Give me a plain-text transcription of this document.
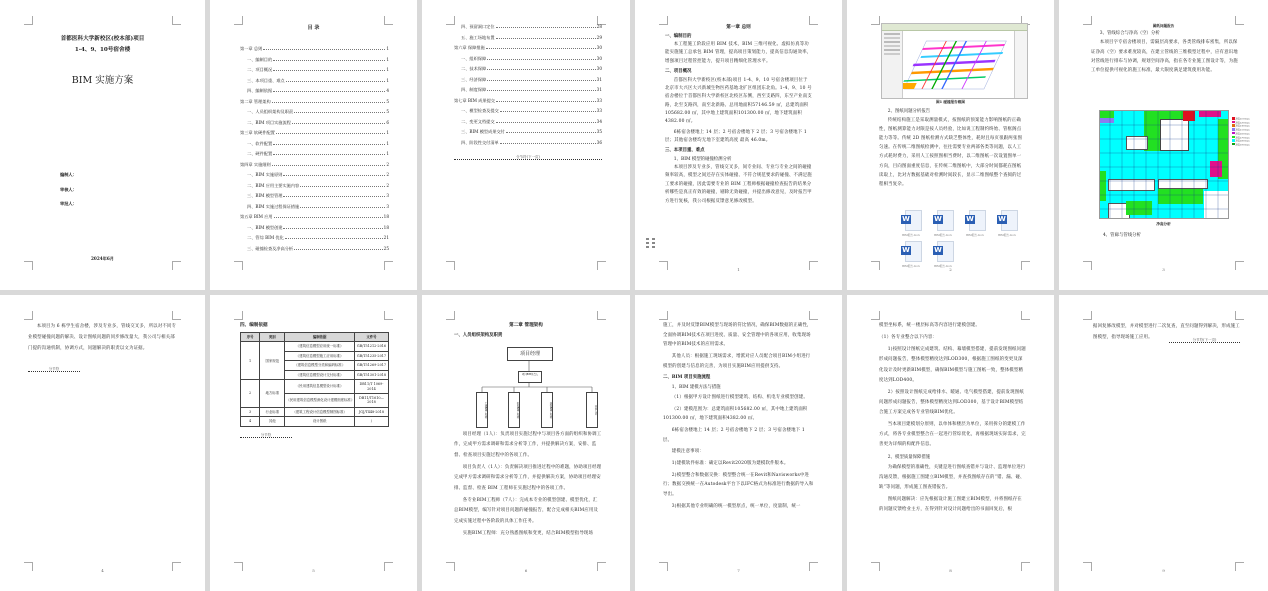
首都医科大学新校区(校本部)项目
1-4、9、10号宿舍楼
BIM 实施方案
编制人：
审核人：
审批人：
2024年6月
目 录
第一章 总则	1
一、编制目的	1
二、项目概况	1
三、本项目重、难点	1
四、编制依据	4
第二章 管理架构	5
一、人员组织架构及职责	5
二、BIM 项目实施流程	6
第三章 软硬件配置	1
一、软件配置	1
二、硬件配置	1
第四章 实施细则	2
一、BIM 实施原则	2
二、BIM 应用主要实施内容	2
三、BIM 模型管理	3
四、BIM 实施过程保证措施	3
第五章 BIM 应用	18
一、BIM 模型创建	18
二、管综 BIM 优化	21
三、碰撞检查及净高分析	25
四、预留洞口定位	28
五、施工场地布置	29
第六章 保障措施	30
一、组织保障	30
二、技术保障	30
三、经济保障	31
四、制度保障	31
第七章 BIM 成果提交	33
一、模型检查及提交	33
二、变更文档提交	34
三、BIM 模型成果交付	35
四、阶段性交付清单	36
分节符(下一页)
第一章 总则
一、编制目的

本工程施工阶段应用 BIM 技术，BIM 三维可视化、虚拟仿真等功能实施施工总承包 BIM 管理，提高项目策划能力，提高信息沟通效率，增强项目过程管控能力，提升项目精细化管理水平。

二、项目概况

首都医科大学新校区(校本部)项目 1-4、9、10 号宿舍楼项目位于北京市大兴区大兴新城生物医药基地北扩区组团东北角。1-4、9、10 号宿舍楼位于首都医科大学新校区北校区东侧，西至支路四，东至产业南支路，北至支路四，南至北新路。总用地面积57146.59 ㎡，总建筑面积105682.00 ㎡，其中地上建筑面积101300.00 ㎡，地下建筑面积4382.00 ㎡。

6栋宿舍楼地上 14 层；2 号宿舍楼地下 2 层；3 号宿舍楼地下 1 层；其他宿舍楼均无地下室建筑高度 最高 46.0m。

三、本项目重、难点
1、BIM 模型的碰撞检测分析

本项目涉及专业多，管线交叉多，间专业间、专业与专业之间的碰撞频率较高，模型之间还存在实体碰撞、不符合规范要求的碰撞、不满足施工要求的碰撞，因此需要专业的 BIM 工程师根据碰撞检查报告的结果分析哪些是真正有效的碰撞，剔除无效碰撞，并提出修改意见，及时报告甲方进行复核，我公司根据反馈意见修改模型。

1
图1 碰撞报告截图
2、图纸问题分析报告

传统结构施工是采取测量模式，按图纸的预案能力影响图纸的正确性，图纸测算能力对限是按人员经验，比如说工程制约终始、管框阁点能力等等。传统 2D 图纸检测方式缺乏整体性，耗时且每页很跟两张图匀速。在传统二维图纸检测中，往往需要专业两部各类等问题，以人工方式耗时费力，采用人工按照图相当费时，以二维图纸一次设置图单一方向，目向图面重度信息，在传统二维图纸中，大部分时间都耗在图纸读取上，比对方数据基础对检测时间较长，显示二维图纸整个查阅的过程相当复杂。

W
BIM报告.docx
W
BIM报告.docx
W
BIM报告.docx
W
BIM报告.docx
W
BIM报告.docx
W
BIM报告.docx
2
图纸问题报告
3、管线综合与净高（空）分析

本项目字专宿舍楼项目，需隔层高要求，各类管线排布密集，所以保证净高（空）要求难度较高，在建立管线的三维模型过程中，应有意识地对管线进行排布与协调，规划空间净高，指在各专业施工图设计等，为施工单位提供可视化的施工标准，最大限度满足建筑使用功能。

净高2100mm
净高2200mm
净高2400mm
净高2500mm
净高2600mm
净高2700mm
净高2800mm
净高3000mm
净高分析
4、管廊与管线分析
3

本项目为 6 栋学生宿舍楼，涉及专业多，管线交叉多，所以对不同专业模型碰撞问题的解决、设计图纸问题的同步修改量大，我公司与相关部门提的沟通机制，协调方式，问题解决的职责以文为证据。

分节符
4
四、编制依据
序号	类别	编制依据	文件号
1	国家规范	《建筑信息模型应用统一标准》	GB/T51212-2016
		《建筑信息模型施工应用标准》	GB/T51235-2017
		《建筑信息模型分类和编码标准》	GB/T51269-2017
		《建筑信息模型设计交付标准》	GB/T51301-2018
2	地方标准	《民用建筑信息模型设计标准》	DB11/T 1069-2014
		《民用建筑信息模型深化设计建模细度标准》	DB11/T1610—2018
3	行业标准	《建筑工程设计信息模型制图标准》	JGJ/T448-2018
4	其他	设计图纸	/
分节符
5
第二章 管理架构
一、人员组织架构及职责
项目经理
项目BIM负责人
土建BIM工程师	机电BIM工程师	装饰BIM工程师	其他人员

项目经理（1人）：负责项目实施过程中与项目各方面的组织和协调工作，完成甲方需求调研和需求分析等工作，并提供解决方案，安排、监督、检查项目实施过程中的各项工作。

项目负责人（1人）：负责解决项目推进过程中的难题，协助项目经理完成甲方需求调研和需求分析等工作，并提供解决方案，协助项目经理安排、监督、检查 BIM 工程师在实施过程中的各项工作。

各专业BIM工程师（7人）：完成本专业的模型创建、模型优化，汇总BIM模型，编写针对项目问题的碰撞报告，配合完成相关BIM应用及完成实施过程中各阶段的具体工作任务。

实施BIM工程师：充分熟悉图纸和变更，结合BIM模型指导现场

6

施工，并及时反馈BIM模型与现场的符比情况，确保BIM数据的正确性，全面协调BIM技术在项目进度、质量、安全管理中的各项应用，收集现场管理中的BIM技术的应用需求。

其他人员：根据施工现场需求，增派对应人员配合项目BIM小组进行模型的创建与信息的完善，为项目实施BIM应用提供支持。

二、BIM 项目实施流程
1、BIM 建模方法与措施

（1）根据甲方设计图纸进行模型建筑、结构、机电专业模型创建。

（2）建模范围为：总建筑面积105682.00 ㎡，其中地上建筑面积101300.00 ㎡，地下建筑面积4382.00 ㎡。

6栋宿舍楼地上 14 层；2 号宿舍楼地下 2 层；3 号宿舍楼地下 1 层。

建模注意事项：

1)建模软件标准：确定以Revit2020版为建模软件版本。

2)模型整合和数据交换：模型整合统一在Revit和Navisworks中进行；数据交换统一在Autodesk平台下以IFC格式为标准进行数据的导入和导出。

3)根据其他专业明确的统一模型原点，统一单位，度量制，统一

7

模型坐标系，统一楼层标高等内容进行建模创建。

（1）各专业整合以下内容：

1)按照设计图纸完成建筑、结构、幕墙模型搭建，提前发现图纸问题形成问题报告，整体模型精度达到LOD300，根据施工图纸的变更及深化设计及时更新BIM模型，确保BIM模型与施工图纸一致，整体模型精度达到LOD400。

2）按照设计图纸完成给排水、暖通、电气模型搭建，提前发现图纸问题形成问题报告，整体模型精度达到LOD300，基于设计BIM模型结合施工方案完成各专业管线BIM优化。

当本项目建模划分原则，以单体和楼层为单位，采用拆分的建模工作方式，将各专业模型整合在一起进行管综优化，再根据现场实际需求，完善更为详细的构配件信息。

2、模型质量保障措施

为确保模型的准确性，关键是进行图纸查错并与设计、监理单位进行沟通反馈，根据施工图建立BIM模型，并查找图纸存在的“错、漏、碰、缺”等问题，形成施工图查错报告。

图纸问题解决：应先根据设计施工图建立BIM模型，并将图纸存在的问题反馈给业主方，在得到针对设计问题给出的书面回复后，根

8

据回复修改模型，并对模型进行二次复查，直至问题得到解决，形成施工图模型，指导现场施工应用。	分节符(下一页)
9
